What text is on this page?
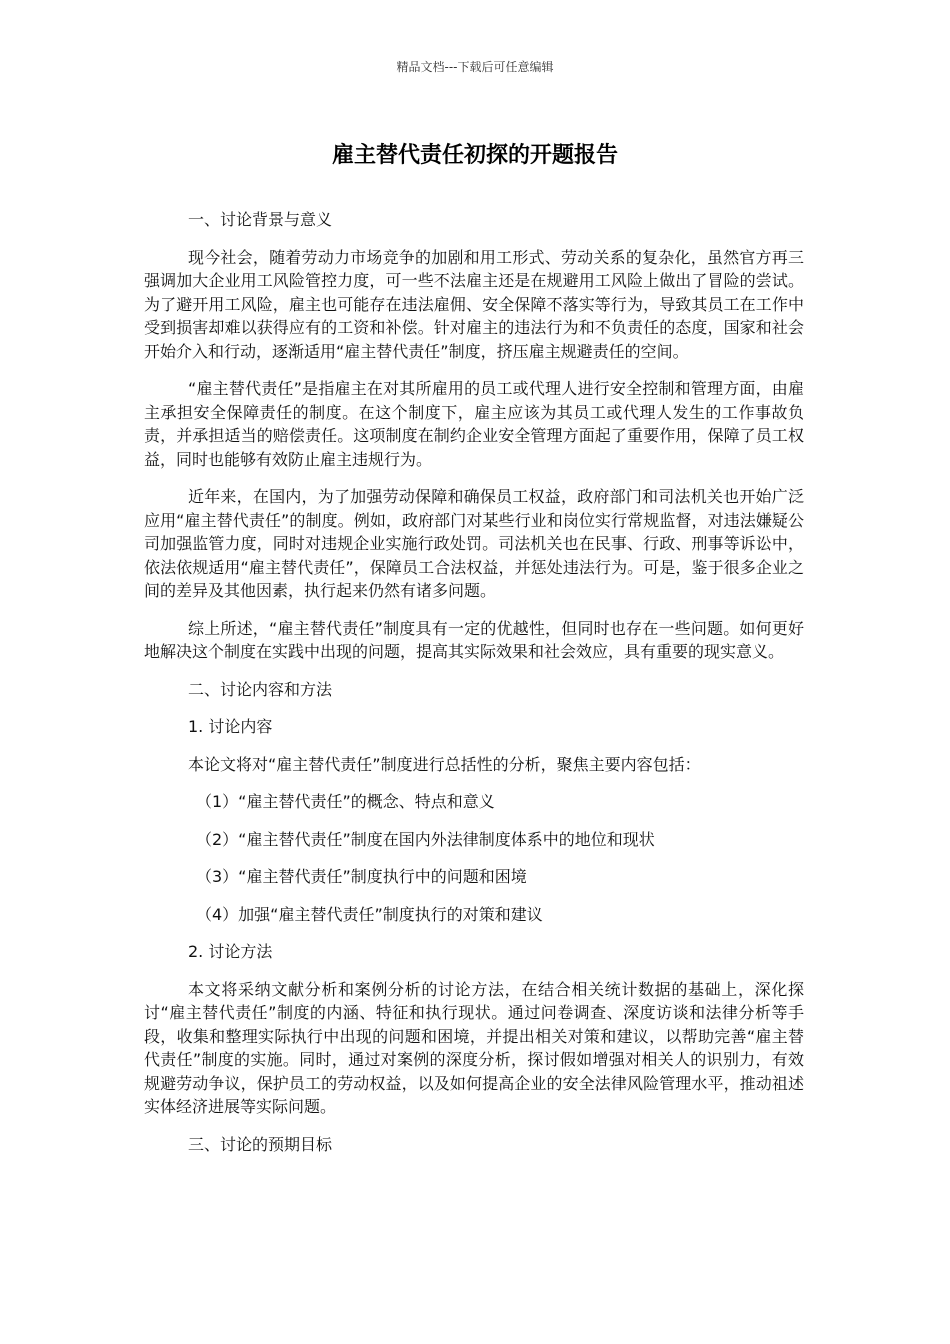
精品文档---下载后可任意编辑
雇主替代责任初探的开题报告
一、讨论背景与意义
现今社会，随着劳动力市场竞争的加剧和用工形式、劳动关系的复杂化，虽然官方再三强调加大企业用工风险管控力度，可一些不法雇主还是在规避用工风险上做出了冒险的尝试。为了避开用工风险，雇主也可能存在违法雇佣、安全保障不落实等行为，导致其员工在工作中受到损害却难以获得应有的工资和补偿。针对雇主的违法行为和不负责任的态度，国家和社会开始介入和行动，逐渐适用“雇主替代责任”制度，挤压雇主规避责任的空间。
“雇主替代责任”是指雇主在对其所雇用的员工或代理人进行安全控制和管理方面，由雇主承担安全保障责任的制度。在这个制度下，雇主应该为其员工或代理人发生的工作事故负责，并承担适当的赔偿责任。这项制度在制约企业安全管理方面起了重要作用，保障了员工权益，同时也能够有效防止雇主违规行为。
近年来，在国内，为了加强劳动保障和确保员工权益，政府部门和司法机关也开始广泛应用“雇主替代责任”的制度。例如，政府部门对某些行业和岗位实行常规监督，对违法嫌疑公司加强监管力度，同时对违规企业实施行政处罚。司法机关也在民事、行政、刑事等诉讼中，依法依规适用“雇主替代责任”，保障员工合法权益，并惩处违法行为。可是，鉴于很多企业之间的差异及其他因素，执行起来仍然有诸多问题。
综上所述，“雇主替代责任”制度具有一定的优越性，但同时也存在一些问题。如何更好地解决这个制度在实践中出现的问题，提高其实际效果和社会效应，具有重要的现实意义。
二、讨论内容和方法
1. 讨论内容
本论文将对“雇主替代责任”制度进行总括性的分析，聚焦主要内容包括：
（1）“雇主替代责任”的概念、特点和意义
（2）“雇主替代责任”制度在国内外法律制度体系中的地位和现状
（3）“雇主替代责任”制度执行中的问题和困境
（4）加强“雇主替代责任”制度执行的对策和建议
2. 讨论方法
本文将采纳文献分析和案例分析的讨论方法，在结合相关统计数据的基础上，深化探讨“雇主替代责任”制度的内涵、特征和执行现状。通过问卷调查、深度访谈和法律分析等手段，收集和整理实际执行中出现的问题和困境，并提出相关对策和建议，以帮助完善“雇主替代责任”制度的实施。同时，通过对案例的深度分析，探讨假如增强对相关人的识别力，有效规避劳动争议，保护员工的劳动权益，以及如何提高企业的安全法律风险管理水平，推动祖述实体经济进展等实际问题。
三、讨论的预期目标
